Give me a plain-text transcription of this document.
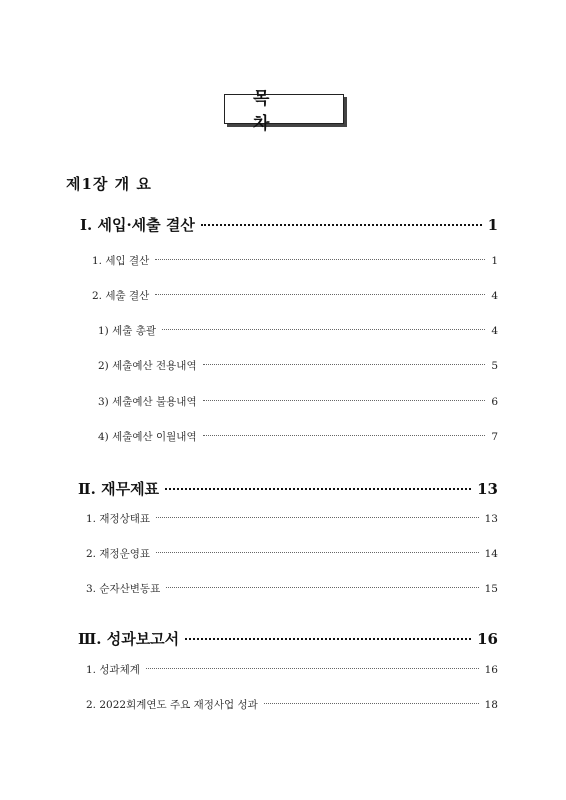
목 차
제1장 개 요
Ⅰ. 세입·세출 결산	1
1. 세입 결산	1
2. 세출 결산	4
1) 세출 총괄	4
2) 세출예산 전용내역	5
3) 세출예산 불용내역	6
4) 세출예산 이월내역	7
Ⅱ. 재무제표	13
1. 재정상태표	13
2. 재정운영표	14
3. 순자산변동표	15
Ⅲ. 성과보고서	16
1. 성과체계	16
2. 2022회계연도 주요 재정사업 성과	18
